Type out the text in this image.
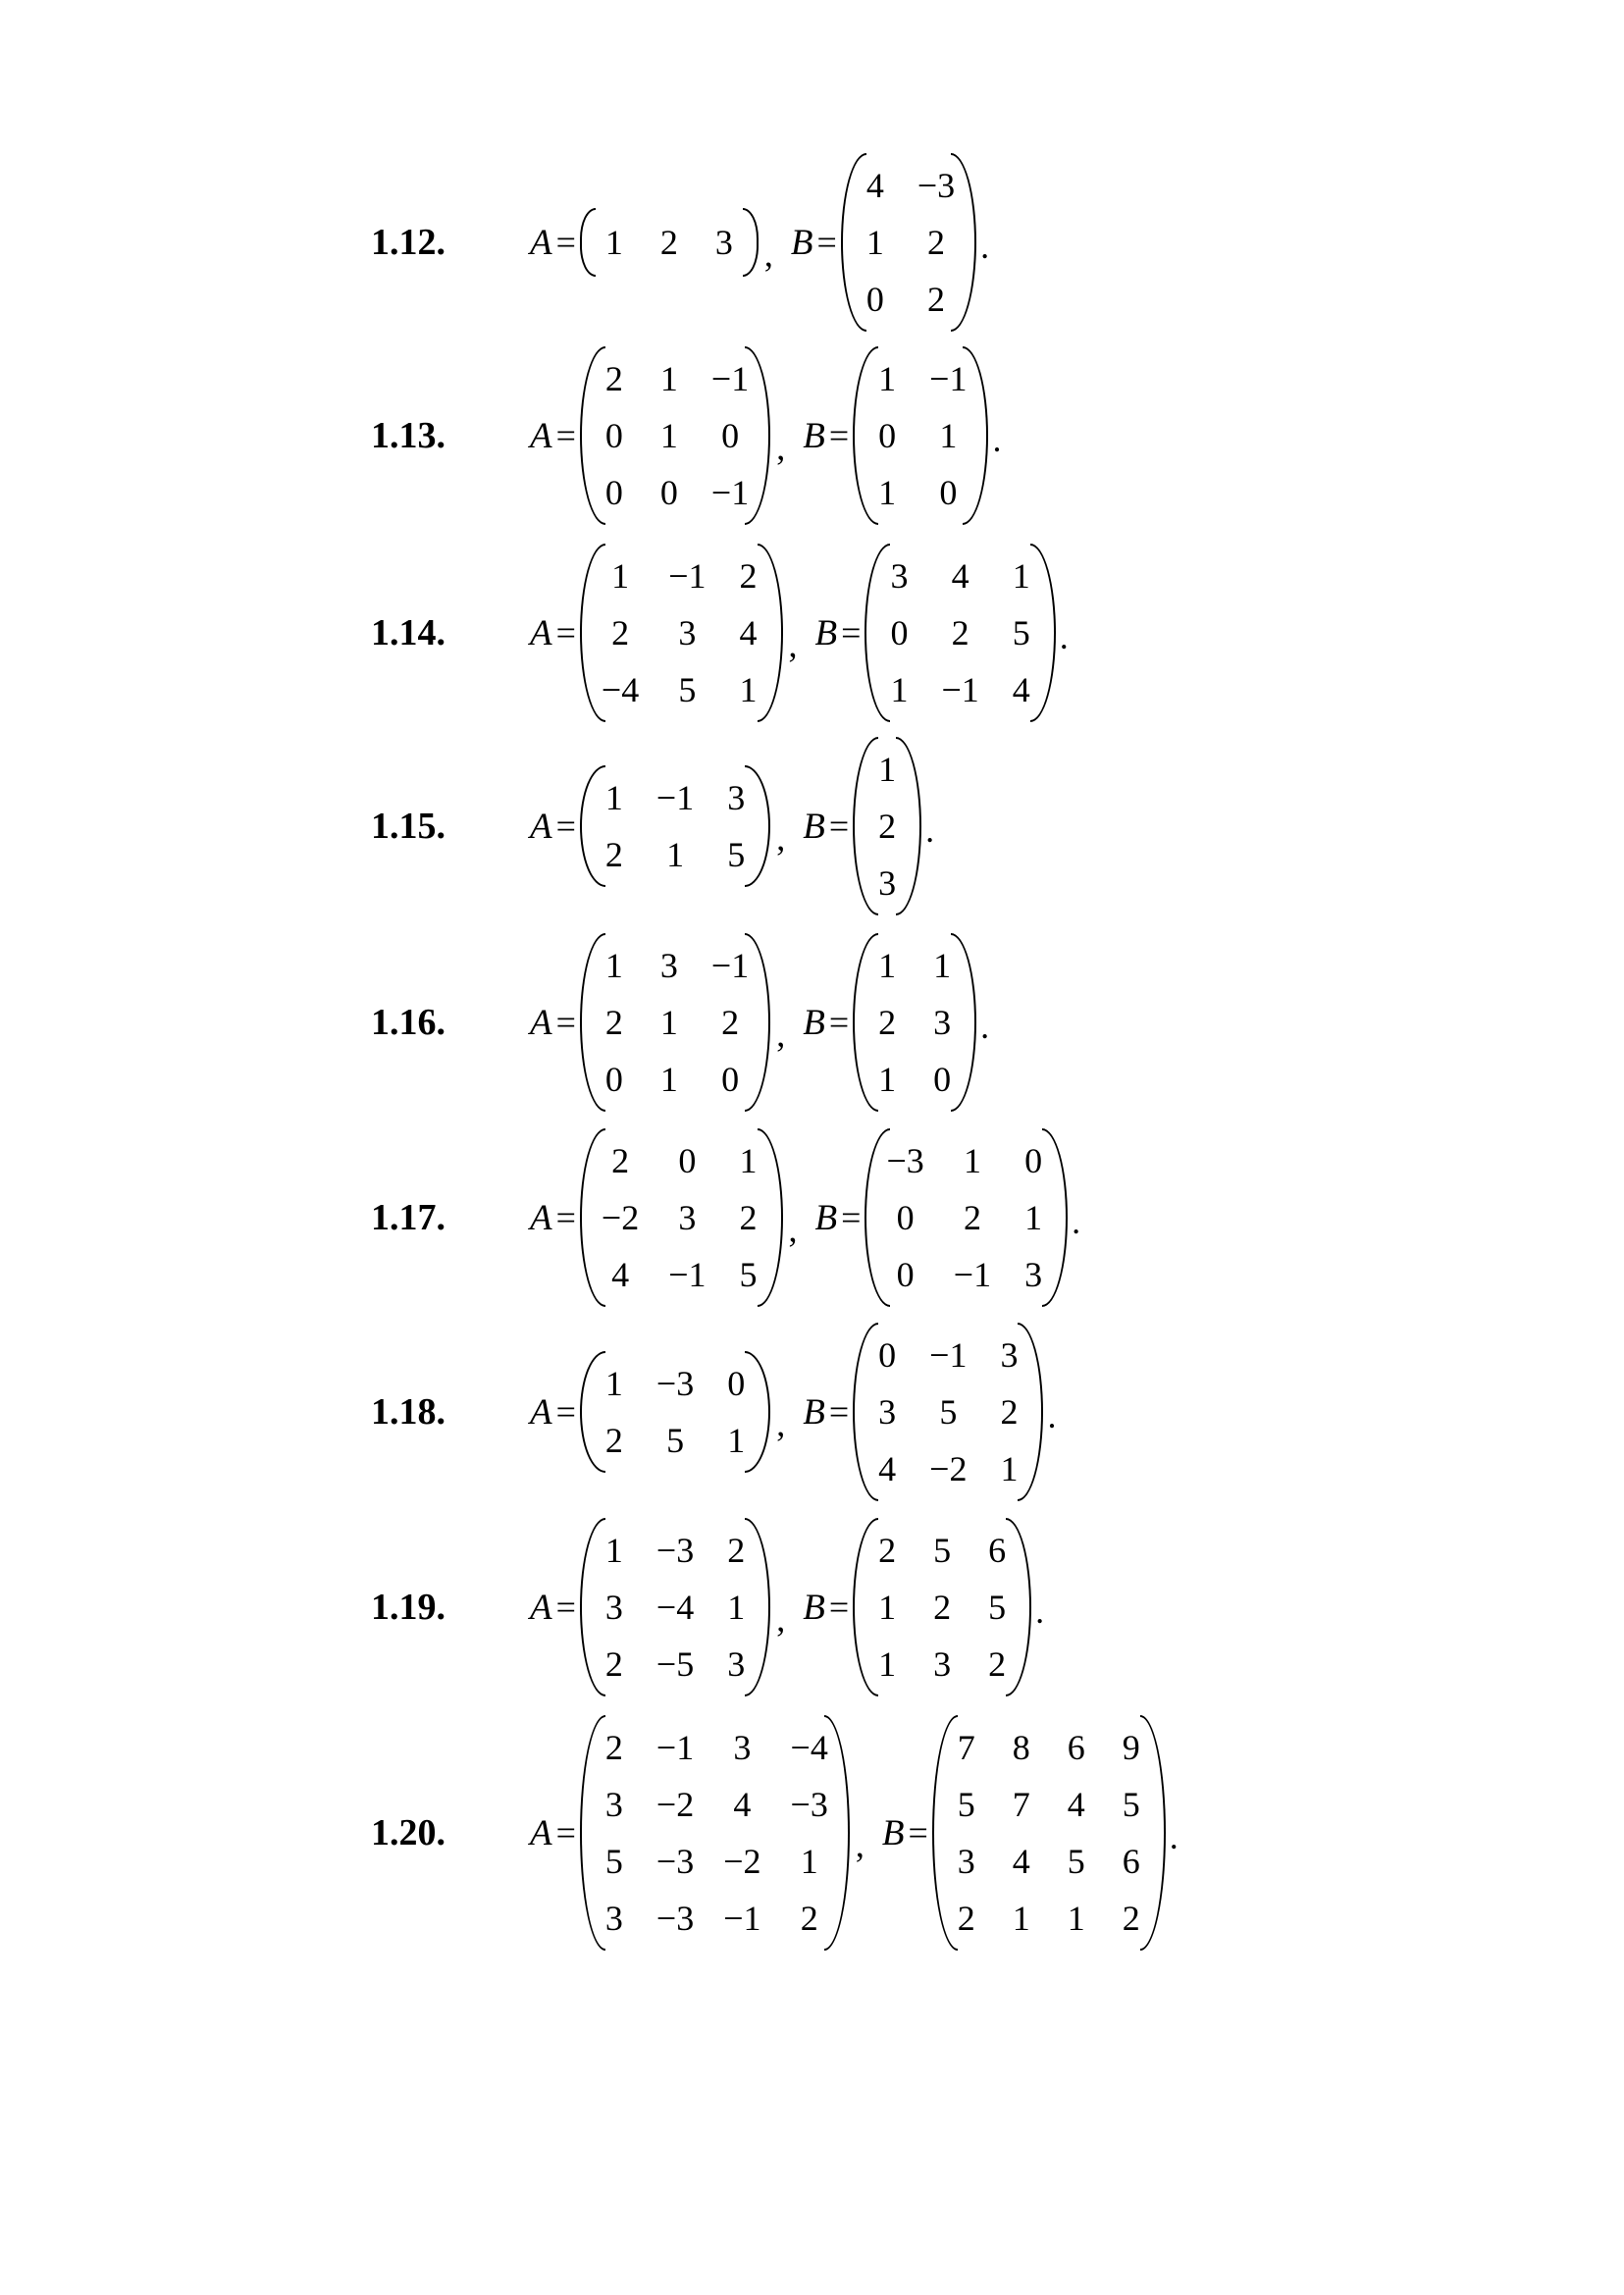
1.12.	A = 1 2 3 , B =
4 −3
1 2
0 2
.
1.13.	A =
2 1 −1
0 1 0
0 0 −1
, B =
1 −1
0 1
1 0
.
1.14.	A =
1 −1 2
2 3 4
−4 5 1
, B =
3 4 1
0 2 5
1 −1 4
.
1.15.	A =
1 −1 3
2 1 5 , B =
1
2
3
.
1.16.	A =
1 3 −1
2 1 2
0 1 0
, B =
1 1
2 3
1 0
.
1.17.	A =
2 0 1
−2 3 2
4 −1 5
, B =
−3 1 0
0 2 1
0 −1 3
.
1.18.	A =
1 −3 0
2 5 1 , B =
0 −1 3
3 5 2
4 −2 1
.
1.19.	A =
1 −3 2
3 −4 1
2 −5 3
, B =
2 5 6
1 2 5
1 3 2
.
1.20.	A =
2 −1 3 −4
3 −2 4 −3
5 −3 −2 1
3 −3 −1 2
, B =
7 8 6 9
5 7 4 5
3 4 5 6
2 1 1 2
.
